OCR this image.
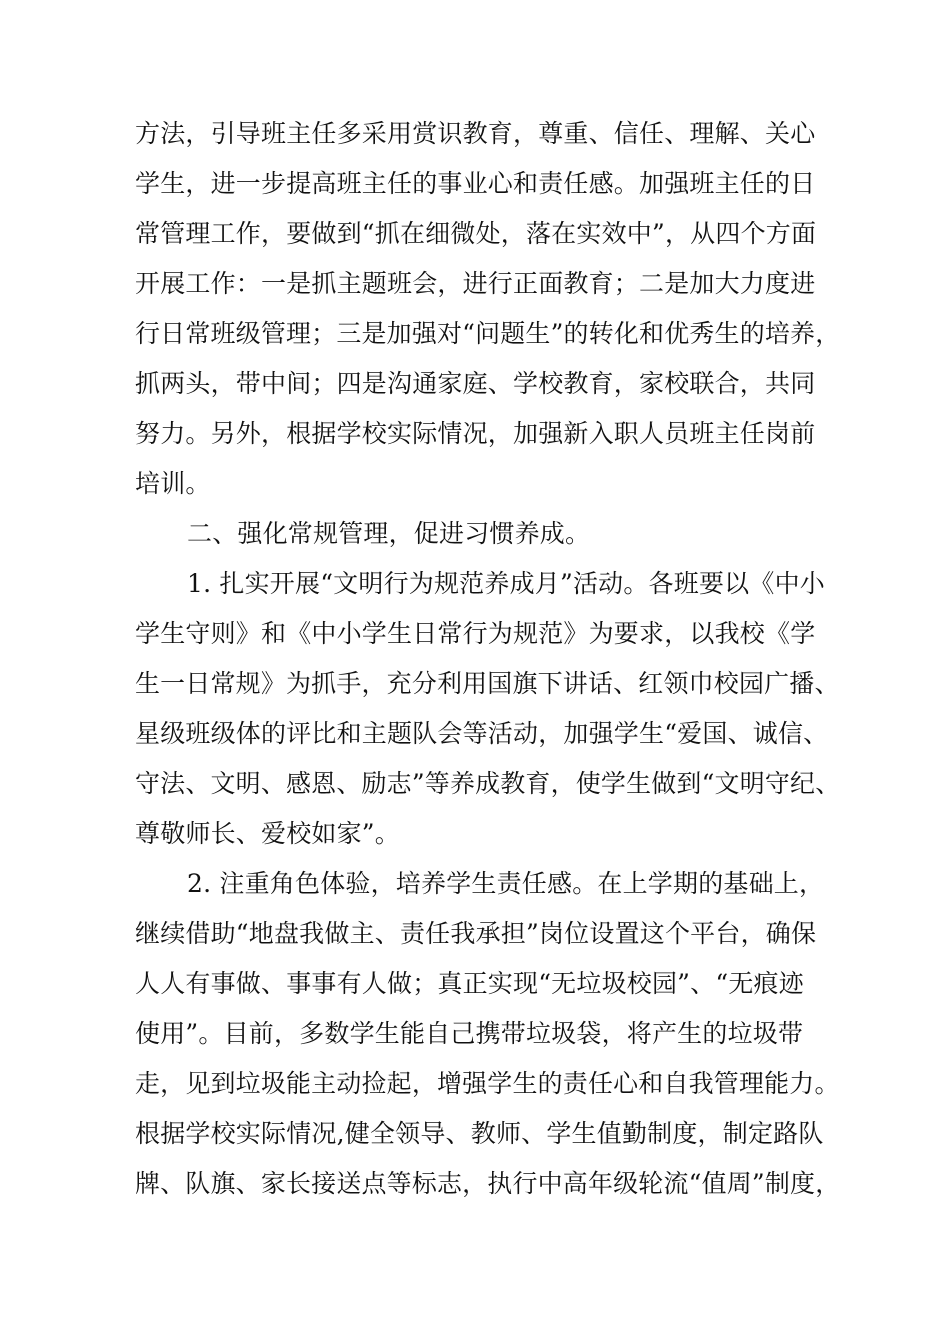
方法，引导班主任多采用赏识教育，尊重、信任、理解、关心
学生，进一步提高班主任的事业心和责任感。加强班主任的日
常管理工作，要做到“抓在细微处，落在实效中”，从四个方面
开展工作：一是抓主题班会，进行正面教育；二是加大力度进
行日常班级管理；三是加强对“问题生”的转化和优秀生的培养，
抓两头，带中间；四是沟通家庭、学校教育，家校联合，共同
努力。另外，根据学校实际情况，加强新入职人员班主任岗前
培训。
二、强化常规管理，促进习惯养成。
1. 扎实开展“文明行为规范养成月”活动。各班要以《中小
学生守则》和《中小学生日常行为规范》为要求，以我校《学
生一日常规》为抓手，充分利用国旗下讲话、红领巾校园广播、
星级班级体的评比和主题队会等活动，加强学生“爱国、诚信、
守法、文明、感恩、励志”等养成教育，使学生做到“文明守纪、
尊敬师长、爱校如家”。
2. 注重角色体验，培养学生责任感。在上学期的基础上，
继续借助“地盘我做主、责任我承担”岗位设置这个平台，确保
人人有事做、事事有人做；真正实现“无垃圾校园”、“无痕迹
使用”。目前，多数学生能自己携带垃圾袋，将产生的垃圾带
走，见到垃圾能主动捡起，增强学生的责任心和自我管理能力。
根据学校实际情况,健全领导、教师、学生值勤制度，制定路队
牌、队旗、家长接送点等标志，执行中高年级轮流“值周”制度，
